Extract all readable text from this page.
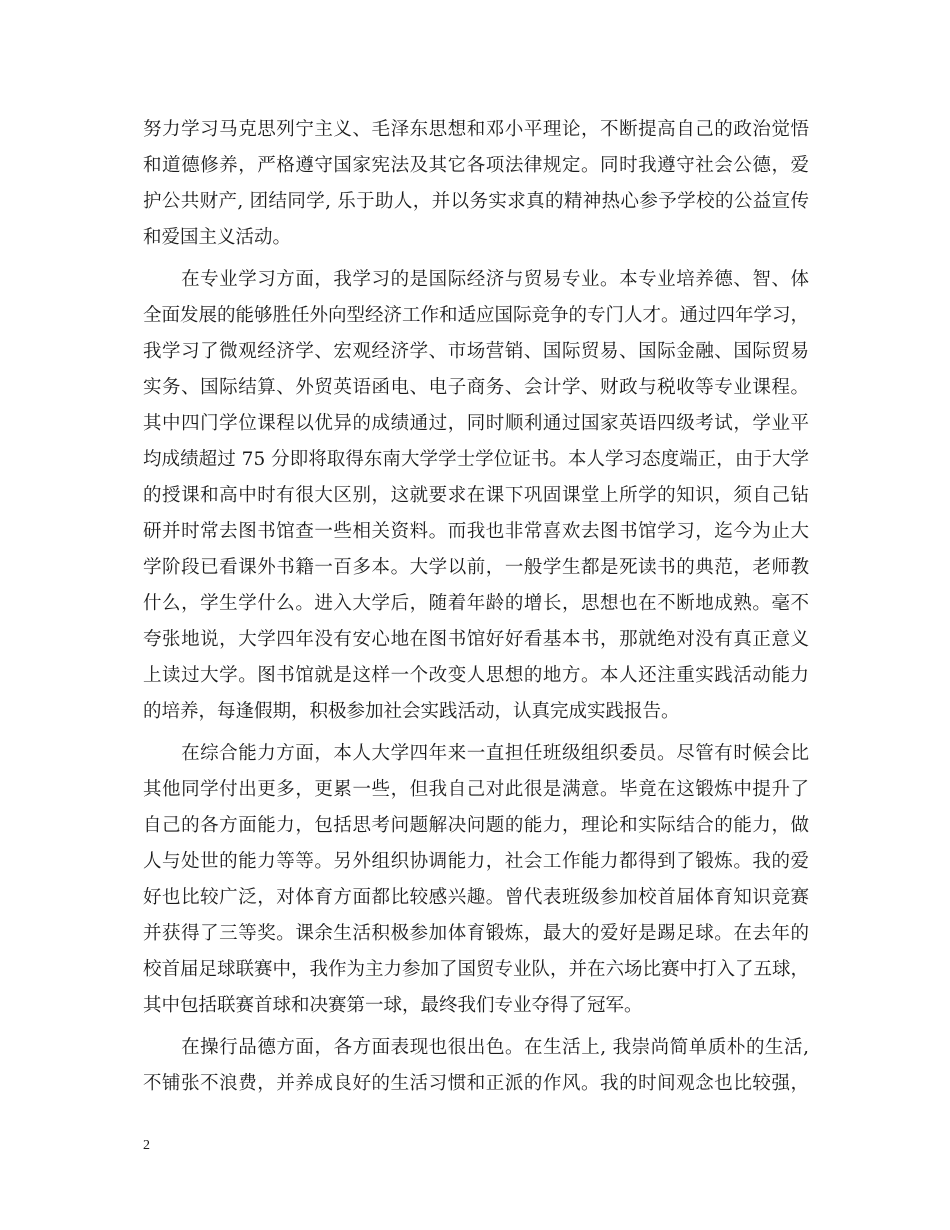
努力学习马克思列宁主义、毛泽东思想和邓小平理论，不断提高自己的政治觉悟
和道德修养，严格遵守国家宪法及其它各项法律规定。同时我遵守社会公德，爱
护公共财产, 团结同学, 乐于助人，并以务实求真的精神热心参予学校的公益宣传
和爱国主义活动。
　　在专业学习方面，我学习的是国际经济与贸易专业。本专业培养德、智、体
全面发展的能够胜任外向型经济工作和适应国际竞争的专门人才。通过四年学习，
我学习了微观经济学、宏观经济学、市场营销、国际贸易、国际金融、国际贸易
实务、国际结算、外贸英语函电、电子商务、会计学、财政与税收等专业课程。
其中四门学位课程以优异的成绩通过，同时顺利通过国家英语四级考试，学业平
均成绩超过 75 分即将取得东南大学学士学位证书。本人学习态度端正，由于大学
的授课和高中时有很大区别，这就要求在课下巩固课堂上所学的知识，须自己钻
研并时常去图书馆查一些相关资料。而我也非常喜欢去图书馆学习，迄今为止大
学阶段已看课外书籍一百多本。大学以前，一般学生都是死读书的典范，老师教
什么，学生学什么。进入大学后，随着年龄的增长，思想也在不断地成熟。毫不
夸张地说，大学四年没有安心地在图书馆好好看基本书，那就绝对没有真正意义
上读过大学。图书馆就是这样一个改变人思想的地方。本人还注重实践活动能力
的培养，每逢假期，积极参加社会实践活动，认真完成实践报告。
　　在综合能力方面，本人大学四年来一直担任班级组织委员。尽管有时候会比
其他同学付出更多，更累一些，但我自己对此很是满意。毕竟在这锻炼中提升了
自己的各方面能力，包括思考问题解决问题的能力，理论和实际结合的能力，做
人与处世的能力等等。另外组织协调能力，社会工作能力都得到了锻炼。我的爱
好也比较广泛，对体育方面都比较感兴趣。曾代表班级参加校首届体育知识竞赛
并获得了三等奖。课余生活积极参加体育锻炼，最大的爱好是踢足球。在去年的
校首届足球联赛中，我作为主力参加了国贸专业队，并在六场比赛中打入了五球，
其中包括联赛首球和决赛第一球，最终我们专业夺得了冠军。
　　在操行品德方面，各方面表现也很出色。在生活上, 我崇尚简单质朴的生活,
不铺张不浪费，并养成良好的生活习惯和正派的作风。我的时间观念也比较强，
2
